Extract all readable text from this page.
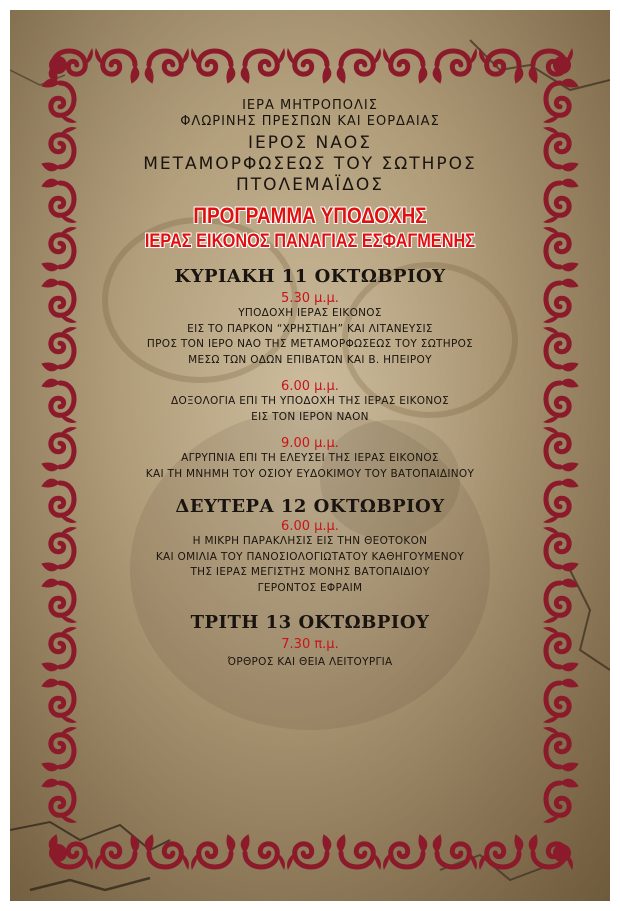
ΙΕΡΑ ΜΗΤΡΟΠΟΛΙΣ

ΦΛΩΡΙΝΗΣ ΠΡΕΣΠΩΝ ΚΑΙ ΕΟΡΔΑΙΑΣ

ΙΕΡΟΣ ΝΑΟΣ

ΜΕΤΑΜΟΡΦΩΣΕΩΣ ΤΟΥ ΣΩΤΗΡΟΣ

ΠΤΟΛΕΜΑΪΔΟΣ

ΠΡΟΓΡΑΜΜΑ ΥΠΟΔΟΧΗΣ
ΙΕΡΑΣ ΕΙΚΟΝΟΣ ΠΑΝΑΓΙΑΣ ΕΣΦΑΓΜΕΝΗΣ

ΚΥΡΙΑΚΗ 11 ΟΚΤΩΒΡΙΟΥ

5.30 μ.μ.

ΥΠΟΔΟΧΗ ΙΕΡΑΣ ΕΙΚΟΝΟΣ

ΕΙΣ ΤΟ ΠΑΡΚΟΝ “ΧΡΗΣΤΙΔΗ” ΚΑΙ ΛΙΤΑΝΕΥΣΙΣ

ΠΡΟΣ ΤΟΝ ΙΕΡΟ ΝΑΟ ΤΗΣ ΜΕΤΑΜΟΡΦΩΣΕΩΣ ΤΟΥ ΣΩΤΗΡΟΣ

ΜΕΣΩ ΤΩΝ ΟΔΩΝ ΕΠΙΒΑΤΩΝ ΚΑΙ Β. ΗΠΕΙΡΟΥ

6.00 μ.μ.

ΔΟΞΟΛΟΓΙΑ ΕΠΙ ΤΗ ΥΠΟΔΟΧΗ ΤΗΣ ΙΕΡΑΣ ΕΙΚΟΝΟΣ

ΕΙΣ ΤΟΝ ΙΕΡΟΝ ΝΑΟΝ

9.00 μ.μ.

ΑΓΡΥΠΝΙΑ ΕΠΙ ΤΗ ΕΛΕΥΣΕΙ ΤΗΣ ΙΕΡΑΣ ΕΙΚΟΝΟΣ

ΚΑΙ ΤΗ ΜΝΗΜΗ ΤΟΥ ΟΣΙΟΥ ΕΥΔΟΚΙΜΟΥ ΤΟΥ ΒΑΤΟΠΑΙΔΙΝΟΥ

ΔΕΥΤΕΡΑ 12 ΟΚΤΩΒΡΙΟΥ

6.00 μ.μ.

Η ΜΙΚΡΗ ΠΑΡΑΚΛΗΣΙΣ ΕΙΣ ΤΗΝ ΘΕΟΤΟΚΟΝ

ΚΑΙ ΟΜΙΛΙΑ ΤΟΥ ΠΑΝΟΣΙΟΛΟΓΙΩΤΑΤΟΥ ΚΑΘΗΓΟΥΜΕΝΟΥ

ΤΗΣ ΙΕΡΑΣ ΜΕΓΙΣΤΗΣ ΜΟΝΗΣ ΒΑΤΟΠΑΙΔΙΟΥ

ΓΕΡΟΝΤΟΣ ΕΦΡΑΙΜ

ΤΡΙΤΗ 13 ΟΚΤΩΒΡΙΟΥ

7.30 π.μ.

ΌΡΘΡΟΣ ΚΑΙ ΘΕΙΑ ΛΕΙΤΟΥΡΓΙΑ
